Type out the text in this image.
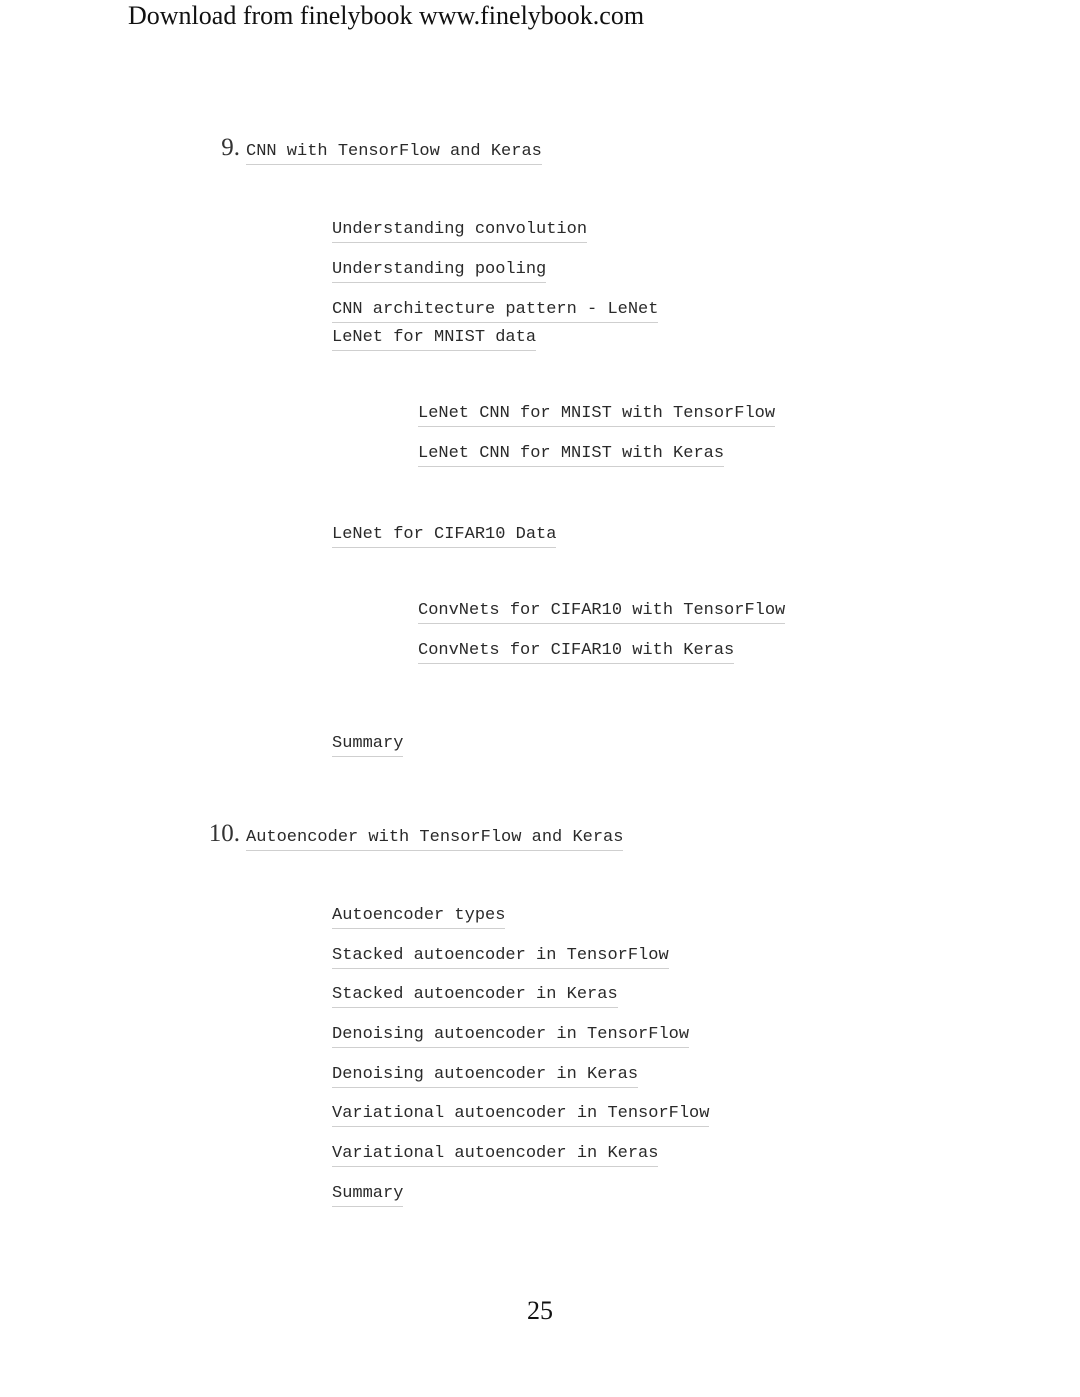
Download from finelybook www.finelybook.com
9. CNN with TensorFlow and Keras
Understanding convolution
Understanding pooling
CNN architecture pattern - LeNet
LeNet for MNIST data
LeNet CNN for MNIST with TensorFlow
LeNet CNN for MNIST with Keras
LeNet for CIFAR10 Data
ConvNets for CIFAR10 with TensorFlow
ConvNets for CIFAR10 with Keras
Summary
10. Autoencoder with TensorFlow and Keras
Autoencoder types
Stacked autoencoder in TensorFlow
Stacked autoencoder in Keras
Denoising autoencoder in TensorFlow
Denoising autoencoder in Keras
Variational autoencoder in TensorFlow
Variational autoencoder in Keras
Summary
25
